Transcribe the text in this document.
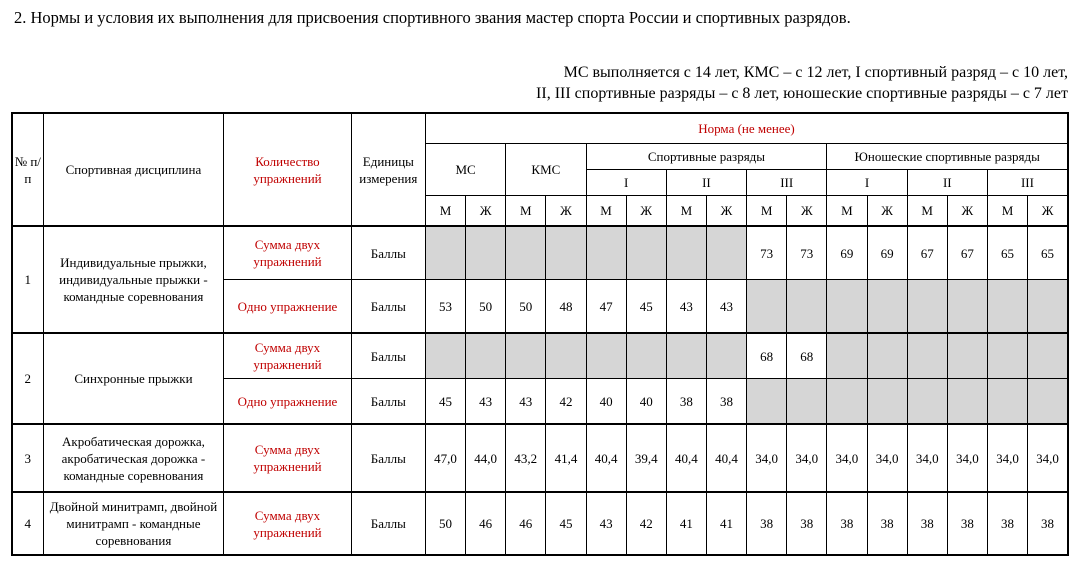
2. Нормы и условия их выполнения для присвоения спортивного звания мастер спорта России и спортивных разрядов.
МС выполняется с 14 лет, КМС – с 12 лет, I спортивный разряд – с 10 лет,
II, III спортивные разряды – с 8 лет, юношеские спортивные разряды – с 7 лет
№ п/п	Спортивная дисциплина	Количество упражнений	Единицы измерения	Норма (не менее)															
				МС		КМС		Спортивные разряды						Юношеские спортивные разряды					
								I		II		III		I		II		III	
				М	Ж	М	Ж	М	Ж	М	Ж	М	Ж	М	Ж	М	Ж	М	Ж
1	Индивидуальные прыжки, индивидуальные прыжки - командные соревнования	Сумма двух упражнений	Баллы									73	73	69	69	67	67	65	65
		Одно упражнение	Баллы	53	50	50	48	47	45	43	43								
2	Синхронные прыжки	Сумма двух упражнений	Баллы									68	68						
		Одно упражнение	Баллы	45	43	43	42	40	40	38	38								
3	Акробатическая дорожка, акробатическая дорожка - командные соревнования	Сумма двух упражнений	Баллы	47,0	44,0	43,2	41,4	40,4	39,4	40,4	40,4	34,0	34,0	34,0	34,0	34,0	34,0	34,0	34,0
4	Двойной минитрамп, двойной минитрамп - командные соревнования	Сумма двух упражнений	Баллы	50	46	46	45	43	42	41	41	38	38	38	38	38	38	38	38
